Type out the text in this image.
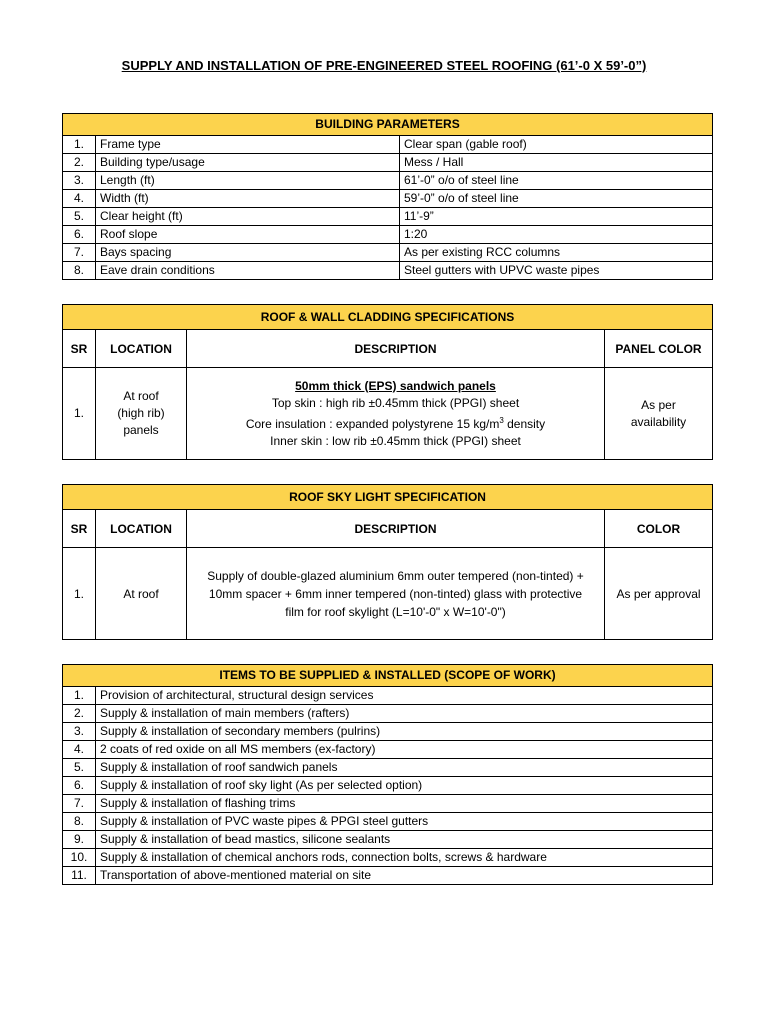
SUPPLY AND INSTALLATION OF PRE-ENGINEERED STEEL ROOFING (61’-0 X 59’-0”)
BUILDING PARAMETERS		
1.	Frame type	Clear span (gable roof)
2.	Building type/usage	Mess / Hall
3.	Length (ft)	61’-0” o/o of steel line
4.	Width (ft)	59’-0” o/o of steel line
5.	Clear height (ft)	11’-9”
6.	Roof slope	1:20
7.	Bays spacing	As per existing RCC columns
8.	Eave drain conditions	Steel gutters with UPVC waste pipes
ROOF & WALL CLADDING SPECIFICATIONS			
SR	LOCATION	DESCRIPTION	PANEL COLOR
1.	At roof
(high rib)
panels	50mm thick (EPS) sandwich panels
Top skin : high rib ±0.45mm thick (PPGI) sheet
Core insulation : expanded polystyrene 15 $kg/m^3$ density
Inner skin : low rib ±0.45mm thick (PPGI) sheet	As per
availability
ROOF SKY LIGHT SPECIFICATION			
SR	LOCATION	DESCRIPTION	COLOR
1.	At roof	Supply of double-glazed aluminium 6mm outer tempered (non-tinted) +
10mm spacer + 6mm inner tempered (non-tinted) glass with protective
film for roof skylight (L=10'-0" x W=10'-0")	As per approval
ITEMS TO BE SUPPLIED & INSTALLED (SCOPE OF WORK)	
1.	Provision of architectural, structural design services
2.	Supply & installation of main members (rafters)
3.	Supply & installation of secondary members (pulrins)
4.	2 coats of red oxide on all MS members (ex-factory)
5.	Supply & installation of roof sandwich panels
6.	Supply & installation of roof sky light (As per selected option)
7.	Supply & installation of flashing trims
8.	Supply & installation of PVC waste pipes & PPGI steel gutters
9.	Supply & installation of bead mastics, silicone sealants
10.	Supply & installation of chemical anchors rods, connection bolts, screws & hardware
11.	Transportation of above-mentioned material on site
